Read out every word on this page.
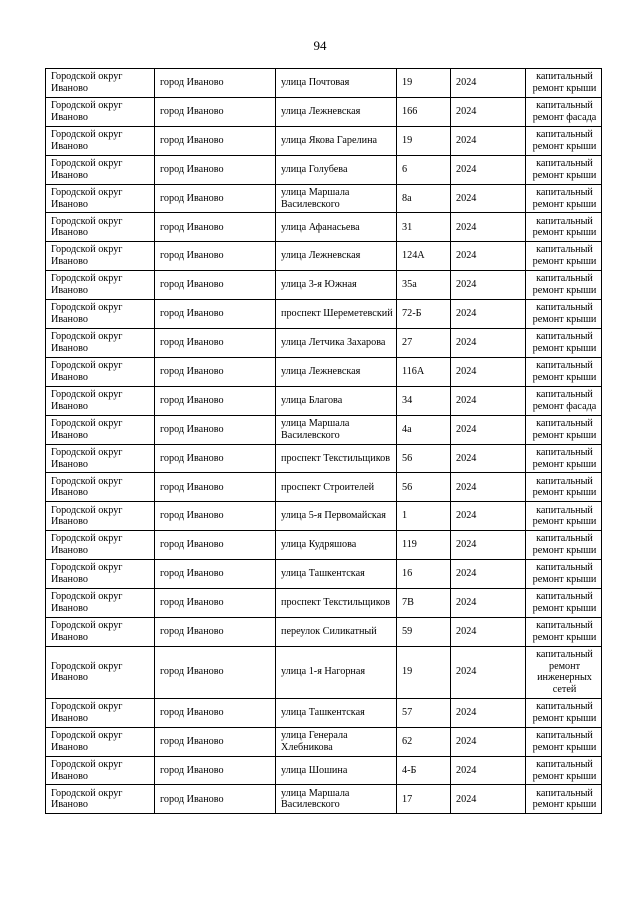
94
Городской округ Иваново	город Иваново	улица Почтовая	19	2024	капитальный ремонт крыши
Городской округ Иваново	город Иваново	улица Лежневская	166	2024	капитальный ремонт фасада
Городской округ Иваново	город Иваново	улица Якова Гарелина	19	2024	капитальный ремонт крыши
Городской округ Иваново	город Иваново	улица Голубева	6	2024	капитальный ремонт крыши
Городской округ Иваново	город Иваново	улица Маршала Василевского	8а	2024	капитальный ремонт крыши
Городской округ Иваново	город Иваново	улица Афанасьева	31	2024	капитальный ремонт крыши
Городской округ Иваново	город Иваново	улица Лежневская	124А	2024	капитальный ремонт крыши
Городской округ Иваново	город Иваново	улица 3-я Южная	35а	2024	капитальный ремонт крыши
Городской округ Иваново	город Иваново	проспект Шереметевский	72-Б	2024	капитальный ремонт крыши
Городской округ Иваново	город Иваново	улица Летчика Захарова	27	2024	капитальный ремонт крыши
Городской округ Иваново	город Иваново	улица Лежневская	116А	2024	капитальный ремонт крыши
Городской округ Иваново	город Иваново	улица Благова	34	2024	капитальный ремонт фасада
Городской округ Иваново	город Иваново	улица Маршала Василевского	4а	2024	капитальный ремонт крыши
Городской округ Иваново	город Иваново	проспект Текстильщиков	56	2024	капитальный ремонт крыши
Городской округ Иваново	город Иваново	проспект Строителей	56	2024	капитальный ремонт крыши
Городской округ Иваново	город Иваново	улица 5-я Первомайская	1	2024	капитальный ремонт крыши
Городской округ Иваново	город Иваново	улица Кудряшова	119	2024	капитальный ремонт крыши
Городской округ Иваново	город Иваново	улица Ташкентская	16	2024	капитальный ремонт крыши
Городской округ Иваново	город Иваново	проспект Текстильщиков	7В	2024	капитальный ремонт крыши
Городской округ Иваново	город Иваново	переулок Силикатный	59	2024	капитальный ремонт крыши
Городской округ Иваново	город Иваново	улица 1-я Нагорная	19	2024	капитальный ремонт инженерных сетей
Городской округ Иваново	город Иваново	улица Ташкентская	57	2024	капитальный ремонт крыши
Городской округ Иваново	город Иваново	улица Генерала Хлебникова	62	2024	капитальный ремонт крыши
Городской округ Иваново	город Иваново	улица Шошина	4-Б	2024	капитальный ремонт крыши
Городской округ Иваново	город Иваново	улица Маршала Василевского	17	2024	капитальный ремонт крыши
